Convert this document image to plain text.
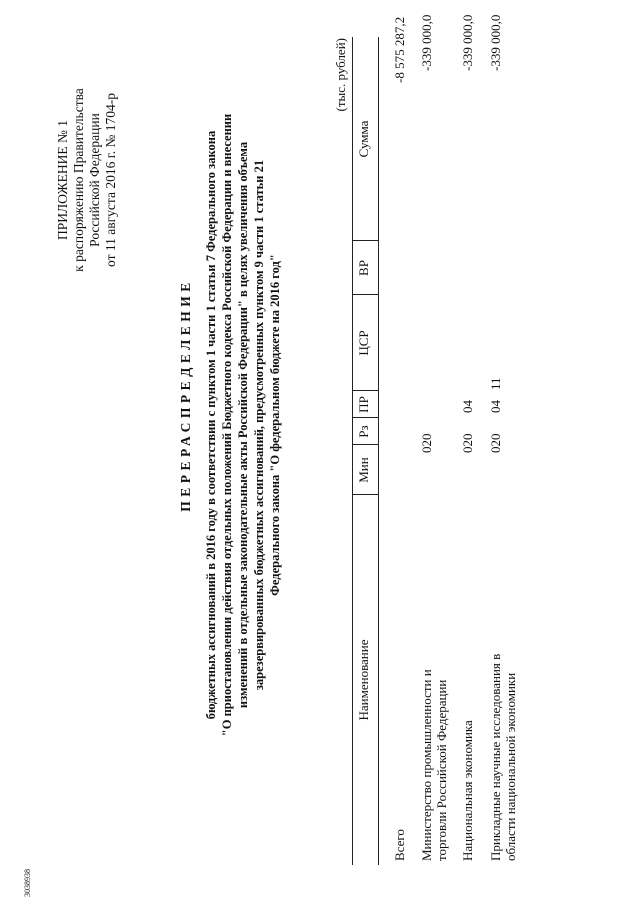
ПРИЛОЖЕНИЕ № 1 к распоряжению Правительства Российской Федерации от 11 августа 2016 г. № 1704-р
ПЕРЕРАСПРЕДЕЛЕНИЕ бюджетных ассигнований в 2016 году в соответствии с пунктом 1 части 1 статьи 7 Федерального закона "О приостановлении действия отдельных положений Бюджетного кодекса Российской Федерации и внесении изменений в отдельные законодательные акты Российской Федерации" в целях увеличения объема зарезервированных бюджетных ассигнований, предусмотренных пунктом 9 части 1 статьи 21 Федерального закона "О федеральном бюджете на 2016 год"
(тыс. рублей)
Наименование
Мин
Рз
ПР
ЦСР
ВР
Сумма
Всего
-8 575 287,2
Министерство промышленности и торговли Российской Федерации
020
-339 000,0
Национальная экономика
020
04
-339 000,0
Прикладные научные исследования в области национальной экономики
020
04
11
-339 000,0
3038938
